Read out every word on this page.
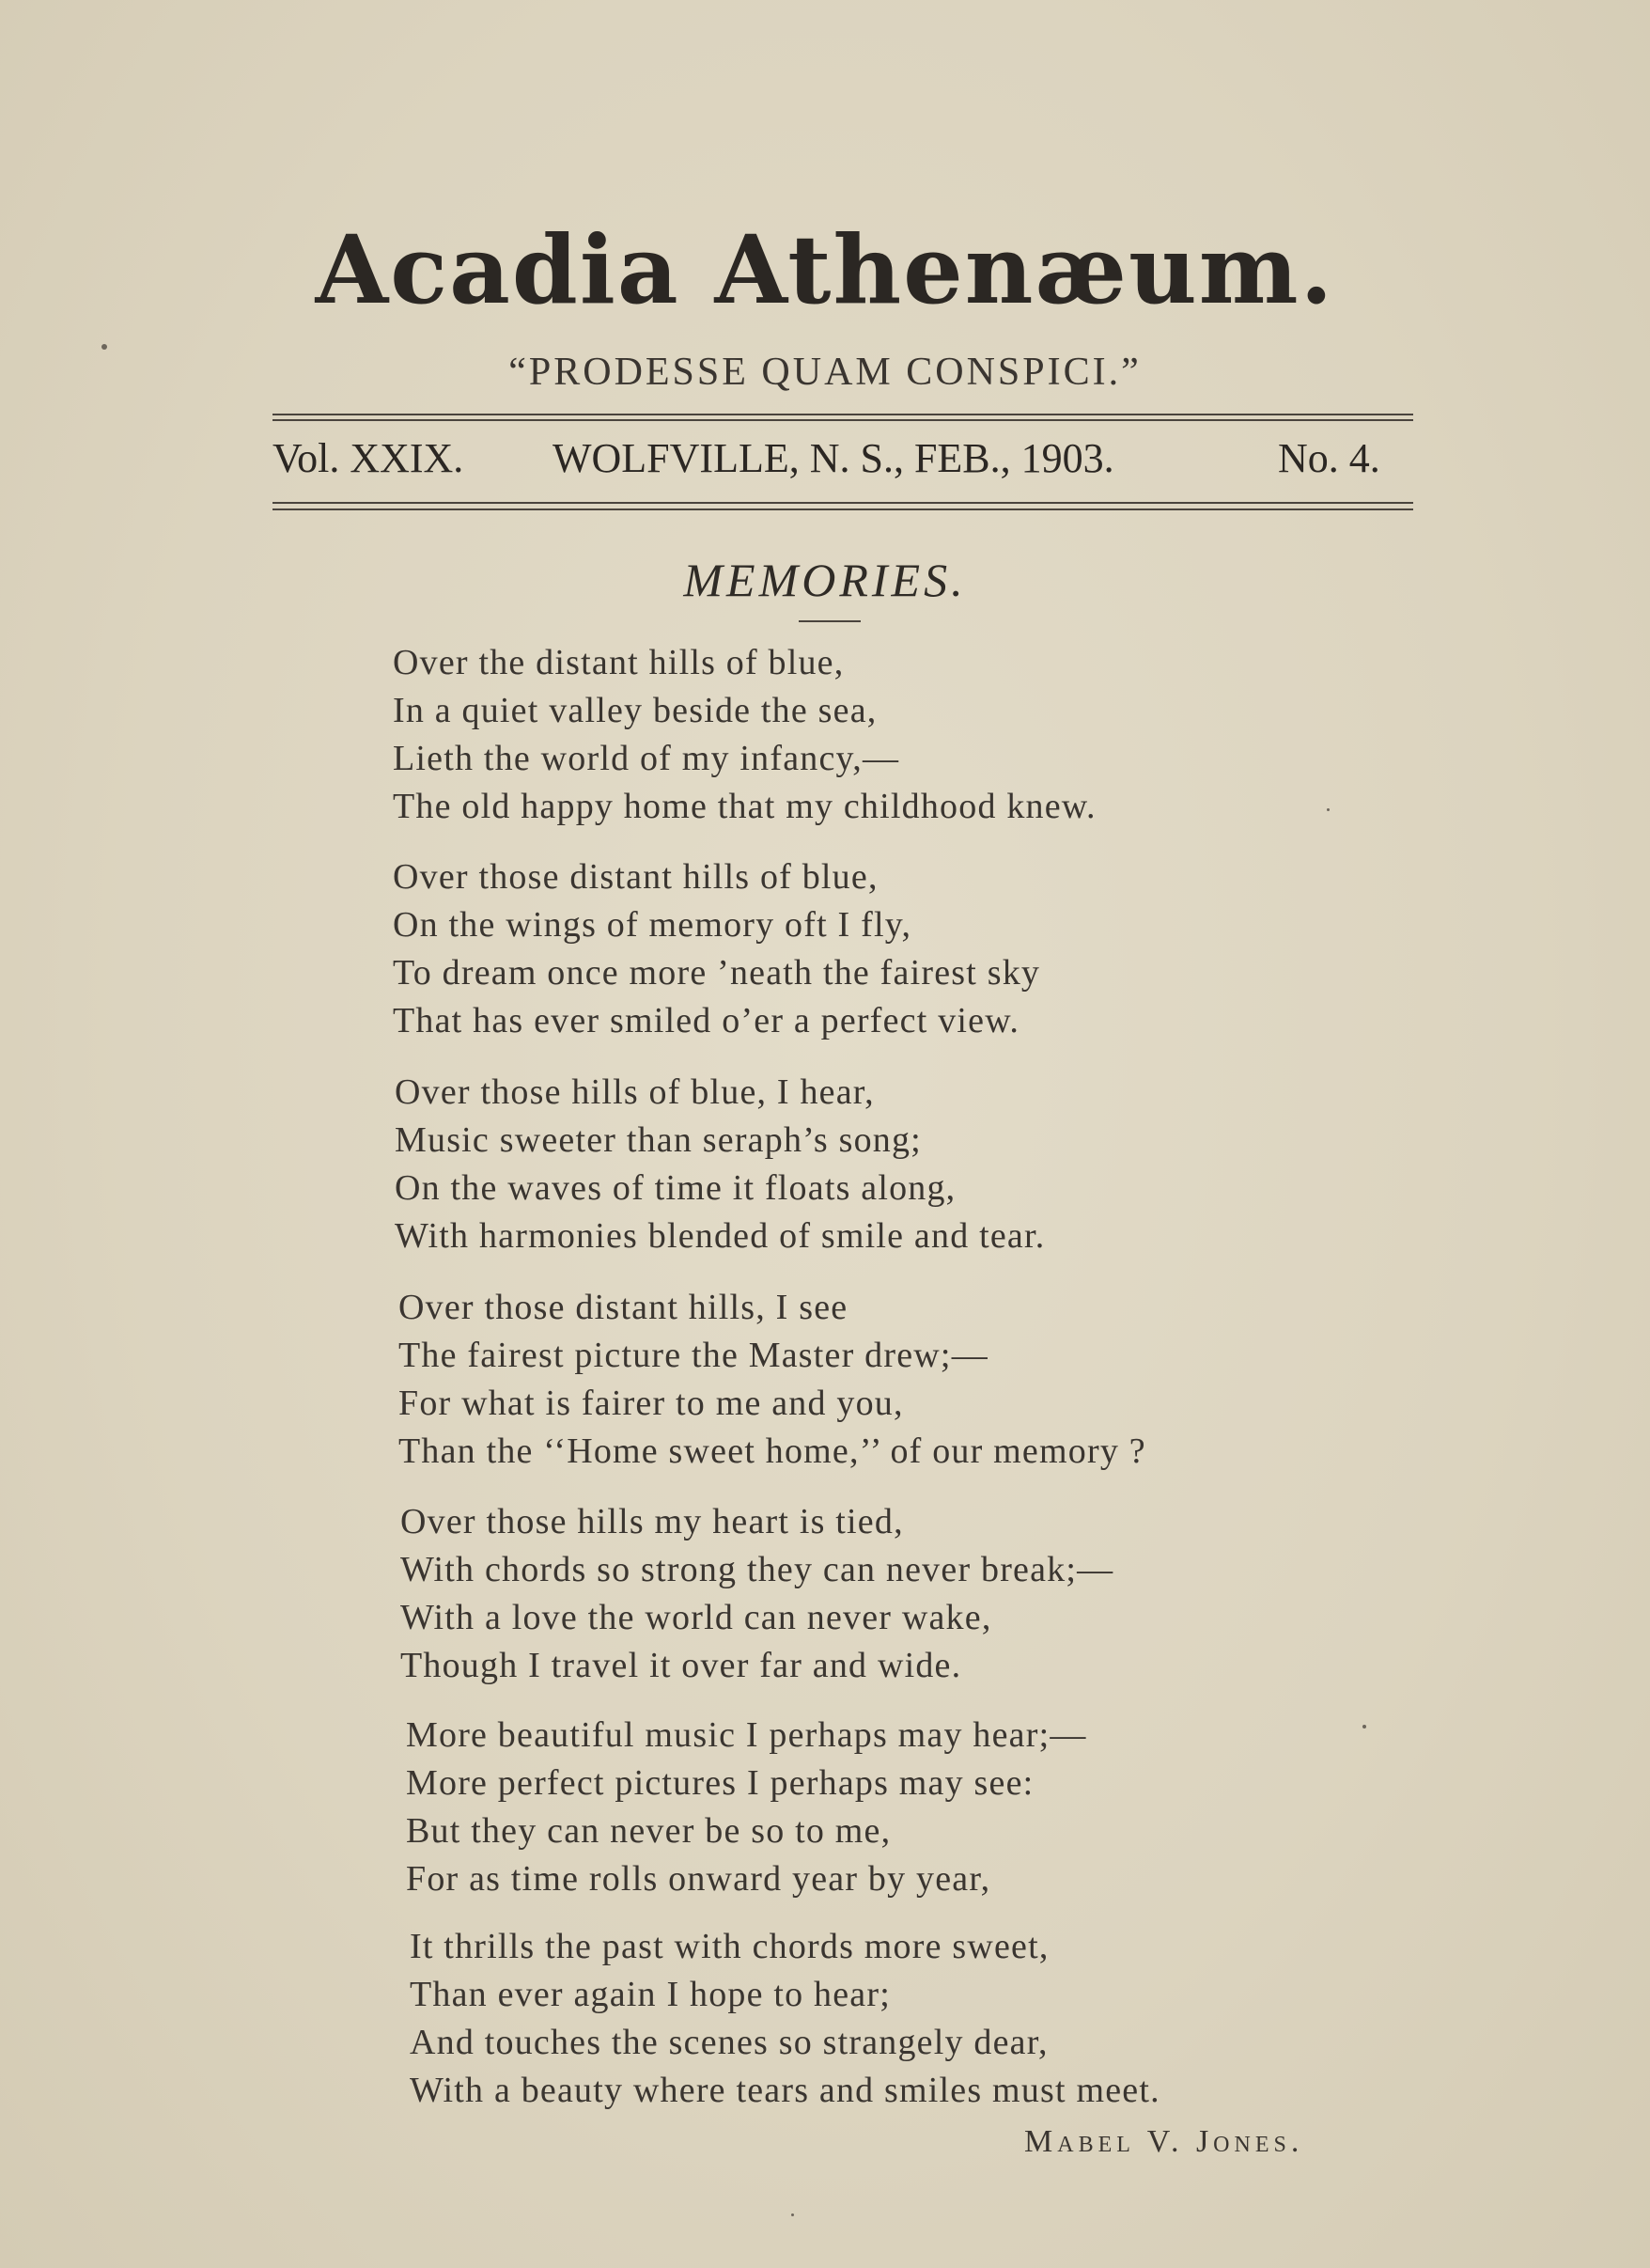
Acadia Athenæum.
“PRODESSE QUAM CONSPICI.”
Vol. XXIX. WOLFVILLE, N. S., FEB., 1903.	No. 4.
MEMORIES.
Over the distant hills of blue,
In a quiet valley beside the sea,
Lieth the world of my infancy,—
The old happy home that my childhood knew.
Over those distant hills of blue,
On the wings of memory oft I fly,
To dream once more ’neath the fairest sky
That has ever smiled o’er a perfect view.
Over those hills of blue, I hear,
Music sweeter than seraph’s song;
On the waves of time it floats along,
With harmonies blended of smile and tear.
Over those distant hills, I see
The fairest picture the Master drew;—
For what is fairer to me and you,
Than the ‘‘Home sweet home,’’ of our memory ?
Over those hills my heart is tied,
With chords so strong they can never break;—
With a love the world can never wake,
Though I travel it over far and wide.
More beautiful music I perhaps may hear;—
More perfect pictures I perhaps may see:
But they can never be so to me,
For as time rolls onward year by year,
It thrills the past with chords more sweet,
Than ever again I hope to hear;
And touches the scenes so strangely dear,
With a beauty where tears and smiles must meet.
Mabel V. Jones.
